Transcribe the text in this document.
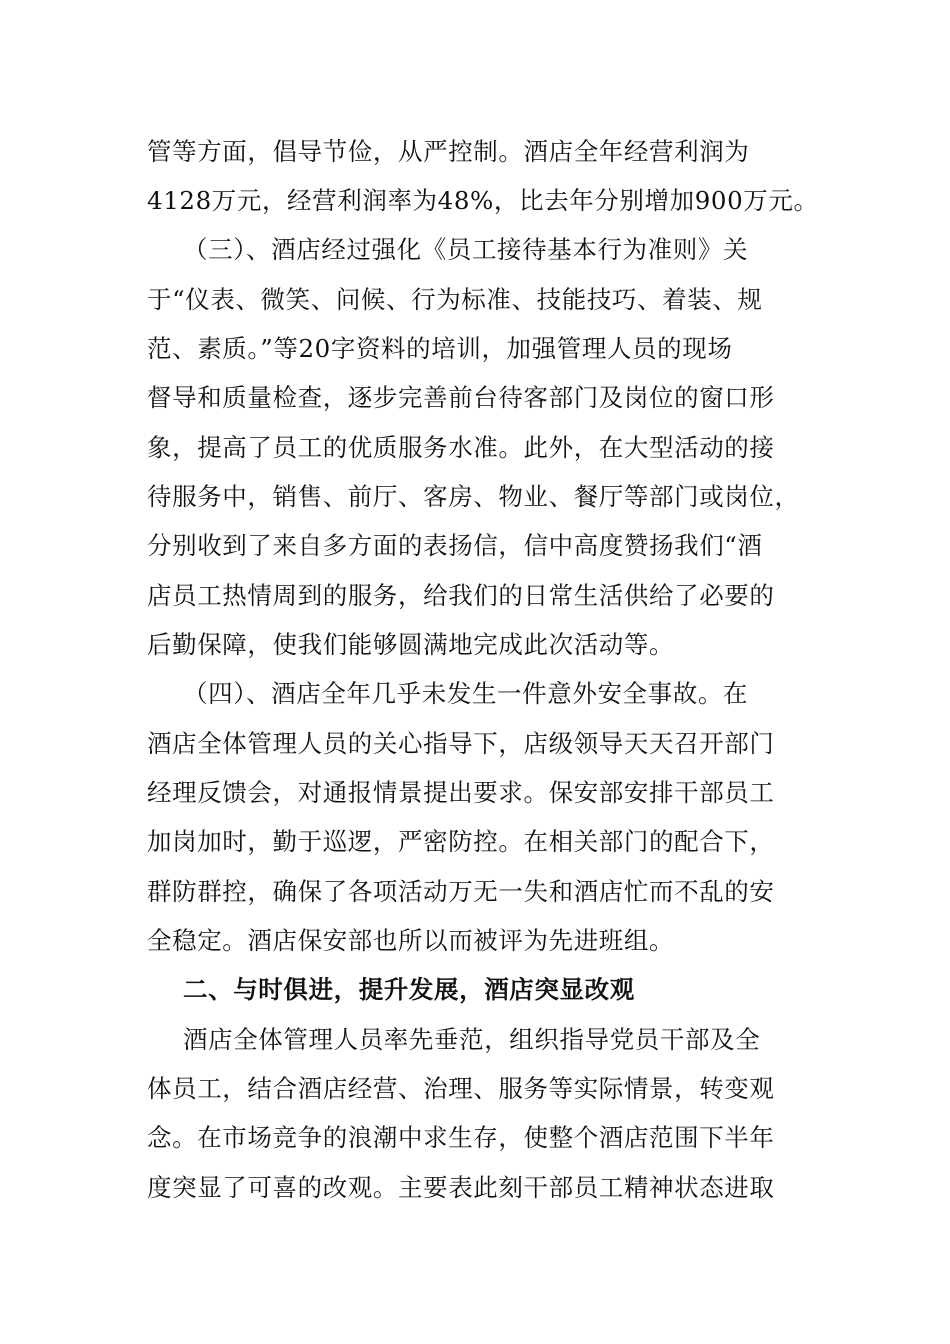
管等方面，倡导节俭，从严控制。酒店全年经营利润为
4128万元，经营利润率为48%，比去年分别增加900万元。
（三）、酒店经过强化《员工接待基本行为准则》关
于“仪表、微笑、问候、行为标准、技能技巧、着装、规
范、素质。”等20字资料的培训，加强管理人员的现场
督导和质量检查，逐步完善前台待客部门及岗位的窗口形
象，提高了员工的优质服务水准。此外，在大型活动的接
待服务中，销售、前厅、客房、物业、餐厅等部门或岗位，
分别收到了来自多方面的表扬信，信中高度赞扬我们“酒
店员工热情周到的服务，给我们的日常生活供给了必要的
后勤保障，使我们能够圆满地完成此次活动等。
（四）、酒店全年几乎未发生一件意外安全事故。在
酒店全体管理人员的关心指导下，店级领导天天召开部门
经理反馈会，对通报情景提出要求。保安部安排干部员工
加岗加时，勤于巡逻，严密防控。在相关部门的配合下，
群防群控，确保了各项活动万无一失和酒店忙而不乱的安
全稳定。酒店保安部也所以而被评为先进班组。
二、与时俱进，提升发展，酒店突显改观
酒店全体管理人员率先垂范，组织指导党员干部及全
体员工，结合酒店经营、治理、服务等实际情景，转变观
念。在市场竞争的浪潮中求生存，使整个酒店范围下半年
度突显了可喜的改观。主要表此刻干部员工精神状态进取
